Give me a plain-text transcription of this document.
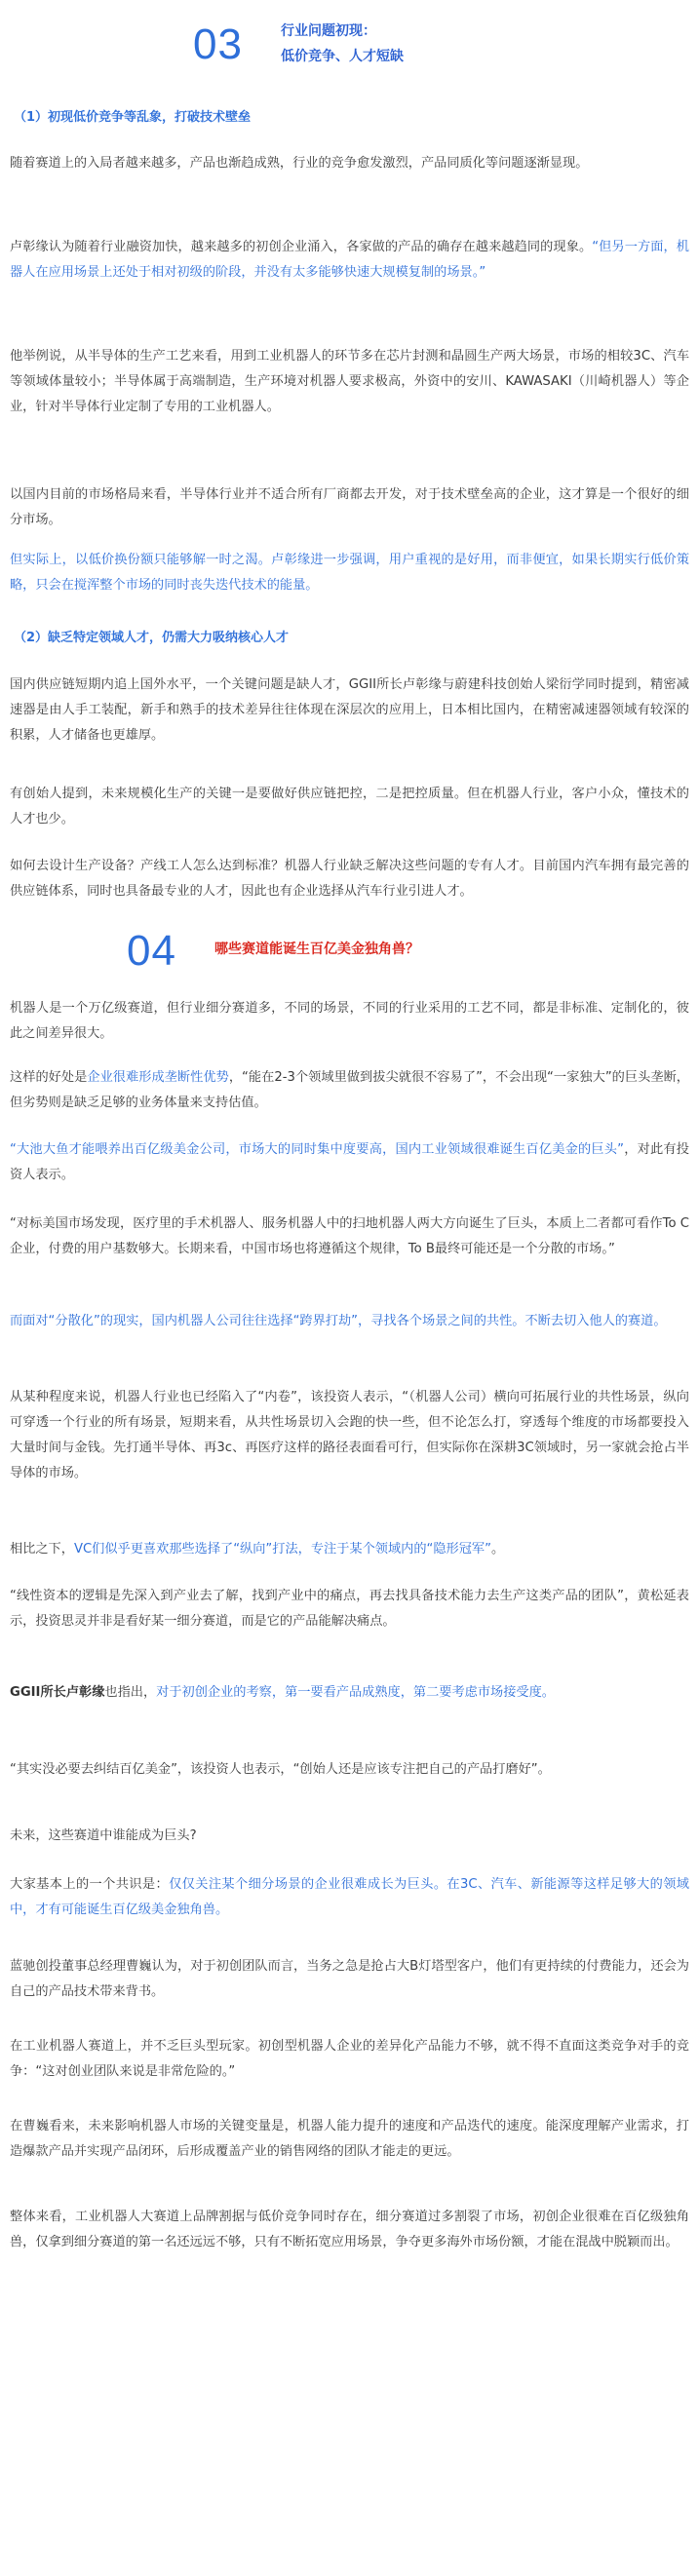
03	行业问题初现：
低价竞争、人才短缺
（1）初现低价竞争等乱象，打破技术壁垒
随着赛道上的入局者越来越多，产品也渐趋成熟，行业的竞争愈发激烈，产品同质化等问题逐渐显现。
卢彰缘认为随着行业融资加快，越来越多的初创企业涌入，各家做的产品的确存在越来越趋同的现象。“但另一方面，机器人在应用场景上还处于相对初级的阶段，并没有太多能够快速大规模复制的场景。”
他举例说，从半导体的生产工艺来看，用到工业机器人的环节多在芯片封测和晶圆生产两大场景，市场的相较3C、汽车等领域体量较小；半导体属于高端制造，生产环境对机器人要求极高，外资中的安川、KAWASAKI（川崎机器人）等企业，针对半导体行业定制了专用的工业机器人。
以国内目前的市场格局来看，半导体行业并不适合所有厂商都去开发，对于技术壁垒高的企业，这才算是一个很好的细分市场。
但实际上，以低价换份额只能够解一时之渴。卢彰缘进一步强调，用户重视的是好用，而非便宜，如果长期实行低价策略，只会在搅浑整个市场的同时丧失迭代技术的能量。
（2）缺乏特定领域人才，仍需大力吸纳核心人才
国内供应链短期内追上国外水平，一个关键问题是缺人才，GGII所长卢彰缘与蔚建科技创始人梁衍学同时提到，精密减速器是由人手工装配，新手和熟手的技术差异往往体现在深层次的应用上，日本相比国内，在精密减速器领域有较深的积累，人才储备也更雄厚。
有创始人提到，未来规模化生产的关键一是要做好供应链把控，二是把控质量。但在机器人行业，客户小众，懂技术的人才也少。
如何去设计生产设备？产线工人怎么达到标准？机器人行业缺乏解决这些问题的专有人才。目前国内汽车拥有最完善的供应链体系，同时也具备最专业的人才，因此也有企业选择从汽车行业引进人才。
04	哪些赛道能诞生百亿美金独角兽？
机器人是一个万亿级赛道，但行业细分赛道多，不同的场景，不同的行业采用的工艺不同，都是非标准、定制化的，彼此之间差异很大。
这样的好处是企业很难形成垄断性优势，“能在2-3个领域里做到拔尖就很不容易了”，不会出现“一家独大”的巨头垄断，但劣势则是缺乏足够的业务体量来支持估值。
“大池大鱼才能喂养出百亿级美金公司，市场大的同时集中度要高，国内工业领域很难诞生百亿美金的巨头”，对此有投资人表示。
“对标美国市场发现，医疗里的手术机器人、服务机器人中的扫地机器人两大方向诞生了巨头，本质上二者都可看作To C企业，付费的用户基数够大。长期来看，中国市场也将遵循这个规律，To B最终可能还是一个分散的市场。”
而面对“分散化”的现实，国内机器人公司往往选择“跨界打劫”，寻找各个场景之间的共性。不断去切入他人的赛道。
从某种程度来说，机器人行业也已经陷入了“内卷”，该投资人表示，“（机器人公司）横向可拓展行业的共性场景，纵向可穿透一个行业的所有场景，短期来看，从共性场景切入会跑的快一些，但不论怎么打，穿透每个维度的市场都要投入大量时间与金钱。先打通半导体、再3c、再医疗这样的路径表面看可行，但实际你在深耕3C领域时，另一家就会抢占半导体的市场。
相比之下，VC们似乎更喜欢那些选择了“纵向”打法，专注于某个领域内的“隐形冠军”。
“线性资本的逻辑是先深入到产业去了解，找到产业中的痛点，再去找具备技术能力去生产这类产品的团队”，黄松延表示，投资思灵并非是看好某一细分赛道，而是它的产品能解决痛点。
GGII所长卢彰缘也指出，对于初创企业的考察，第一要看产品成熟度，第二要考虑市场接受度。
“其实没必要去纠结百亿美金”，该投资人也表示，“创始人还是应该专注把自己的产品打磨好”。
未来，这些赛道中谁能成为巨头?
大家基本上的一个共识是：仅仅关注某个细分场景的企业很难成长为巨头。在3C、汽车、新能源等这样足够大的领域中，才有可能诞生百亿级美金独角兽。
蓝驰创投董事总经理曹巍认为，对于初创团队而言，当务之急是抢占大B灯塔型客户，他们有更持续的付费能力，还会为自己的产品技术带来背书。
在工业机器人赛道上，并不乏巨头型玩家。初创型机器人企业的差异化产品能力不够，就不得不直面这类竞争对手的竞争：“这对创业团队来说是非常危险的。”
在曹巍看来，未来影响机器人市场的关键变量是，机器人能力提升的速度和产品迭代的速度。能深度理解产业需求，打造爆款产品并实现产品闭环，后形成覆盖产业的销售网络的团队才能走的更远。
整体来看，工业机器人大赛道上品牌割据与低价竞争同时存在，细分赛道过多割裂了市场，初创企业很难在百亿级独角兽，仅拿到细分赛道的第一名还远远不够，只有不断拓宽应用场景，争夺更多海外市场份额，才能在混战中脱颖而出。
